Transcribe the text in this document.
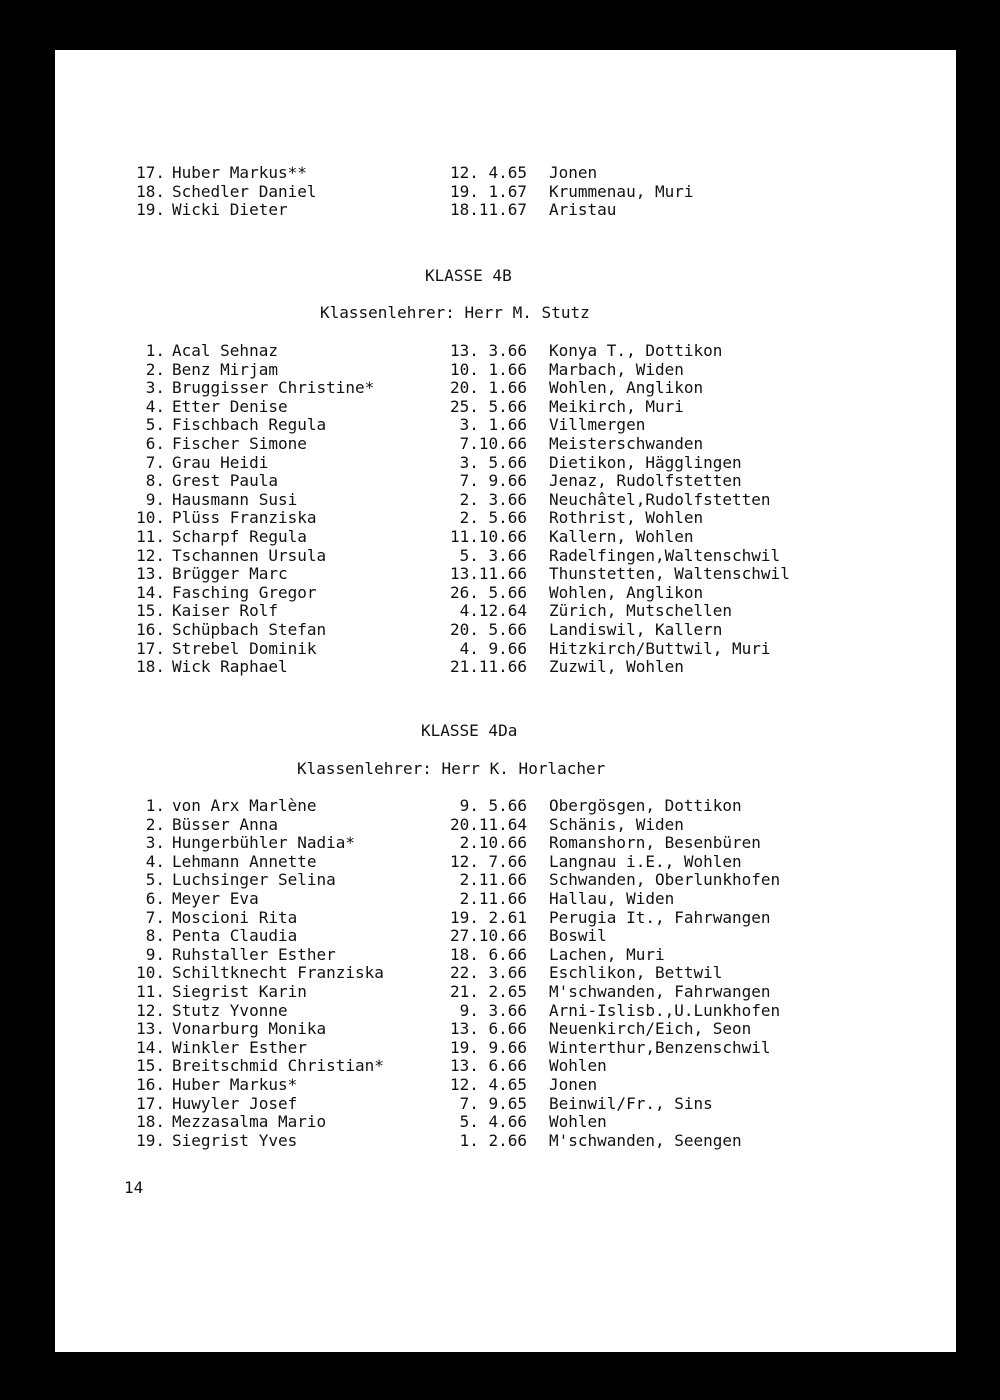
17. Huber Markus**	12. 4.65 Jonen
18. Schedler Daniel	19. 1.67 Krummenau, Muri
19. Wicki Dieter	18.11.67 Aristau
KLASSE 4B
Klassenlehrer: Herr M. Stutz
1. Acal Sehnaz	13. 3.66 Konya T., Dottikon
2. Benz Mirjam	10. 1.66 Marbach, Widen
3. Bruggisser Christine*	20. 1.66 Wohlen, Anglikon
4. Etter Denise	25. 5.66 Meikirch, Muri
5. Fischbach Regula	3. 1.66 Villmergen
6. Fischer Simone	7.10.66 Meisterschwanden
7. Grau Heidi	3. 5.66 Dietikon, Hägglingen
8. Grest Paula	7. 9.66 Jenaz, Rudolfstetten
9. Hausmann Susi	2. 3.66 Neuchâtel,Rudolfstetten
10. Plüss Franziska	2. 5.66 Rothrist, Wohlen
11. Scharpf Regula	11.10.66 Kallern, Wohlen
12. Tschannen Ursula	5. 3.66 Radelfingen,Waltenschwil
13. Brügger Marc	13.11.66 Thunstetten, Waltenschwil
14. Fasching Gregor	26. 5.66 Wohlen, Anglikon
15. Kaiser Rolf	4.12.64 Zürich, Mutschellen
16. Schüpbach Stefan	20. 5.66 Landiswil, Kallern
17. Strebel Dominik	4. 9.66 Hitzkirch/Buttwil, Muri
18. Wick Raphael	21.11.66 Zuzwil, Wohlen
KLASSE 4Da
Klassenlehrer: Herr K. Horlacher
1. von Arx Marlène	9. 5.66 Obergösgen, Dottikon
2. Büsser Anna	20.11.64 Schänis, Widen
3. Hungerbühler Nadia*	2.10.66 Romanshorn, Besenbüren
4. Lehmann Annette	12. 7.66 Langnau i.E., Wohlen
5. Luchsinger Selina	2.11.66 Schwanden, Oberlunkhofen
6. Meyer Eva	2.11.66 Hallau, Widen
7. Moscioni Rita	19. 2.61 Perugia It., Fahrwangen
8. Penta Claudia	27.10.66 Boswil
9. Ruhstaller Esther	18. 6.66 Lachen, Muri
10. Schiltknecht Franziska	22. 3.66 Eschlikon, Bettwil
11. Siegrist Karin	21. 2.65 M'schwanden, Fahrwangen
12. Stutz Yvonne	9. 3.66 Arni-Islisb.,U.Lunkhofen
13. Vonarburg Monika	13. 6.66 Neuenkirch/Eich, Seon
14. Winkler Esther	19. 9.66 Winterthur,Benzenschwil
15. Breitschmid Christian*	13. 6.66 Wohlen
16. Huber Markus*	12. 4.65 Jonen
17. Huwyler Josef	7. 9.65 Beinwil/Fr., Sins
18. Mezzasalma Mario	5. 4.66 Wohlen
19. Siegrist Yves	1. 2.66 M'schwanden, Seengen
14
